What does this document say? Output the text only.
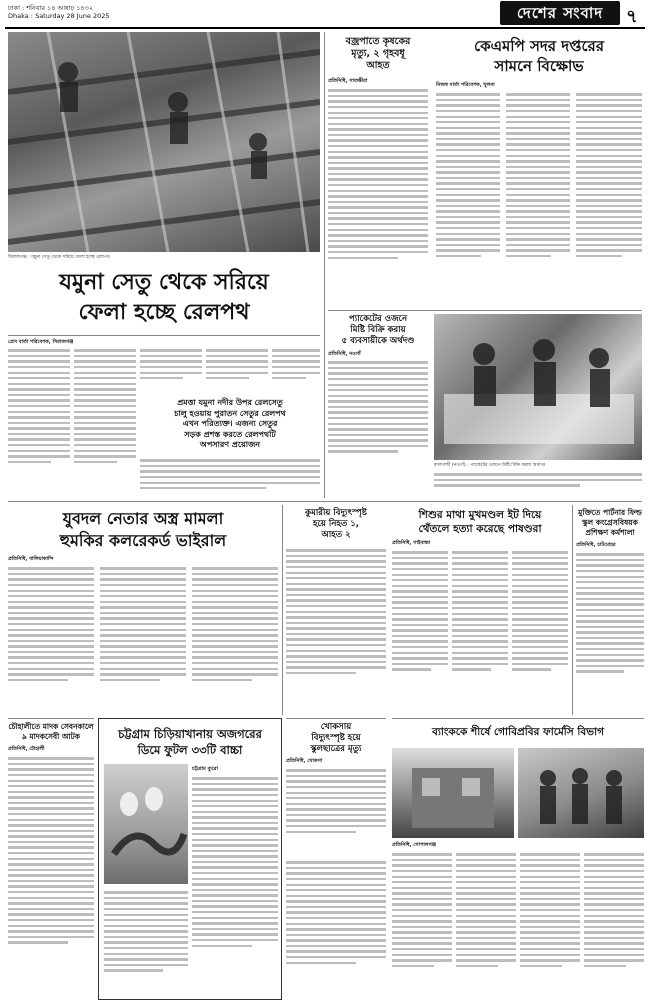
ঢাকা : শনিবার ১৪ আষাঢ় ১৪৩২
Dhaka : Saturday 28 June 2025	দেশের সংবাদ	৭
সিরাজগঞ্জ : যমুনা সেতু থেকে সরিয়ে ফেলা হচ্ছে রেলপথ
যমুনা সেতু থেকে সরিয়ে
ফেলা হচ্ছে রেলপথ
প্রেস বার্তা পরিবেশক, সিরাজগঞ্জ
প্রমত্তা যমুনা নদীর উপর রেলসেতু
চালু হওয়ায় পুরাতন সেতুর রেলপথ
এখন পরিত্যক্ত। এজন্য সেতুর
সড়ক প্রশস্ত করতে রেলপথটি
অপসারণ প্রয়োজন
বজ্রপাতে কৃষকের
মৃত্যু, ২ গৃহবধূ
আহত
প্রতিনিধি, সাতক্ষীরা
কেএমপি সদর দপ্তরের
সামনে বিক্ষোভ
নিজস্ব বার্তা পরিবেশক, খুলনা
প্যাকেটের ওজনে
মিষ্টি বিক্রি করায়
৫ ব্যবসায়ীকে অর্থদণ্ড
প্রতিনিধি, নওগাঁ
বদলগাছী (নওগাঁ) : প্যাকেটের ওজনে মিষ্টি বিক্রি করায় অর্থদণ্ড
যুবদল নেতার অস্ত্র মামলা
হুমকির কলরেকর্ড ভাইরাল
প্রতিনিধি, বালিয়াকান্দি
কুমারীয় বিদ্যুৎস্পৃষ্ট
হয়ে নিহত ১,
আহত ২
শিশুর মাথা মুখমণ্ডল ইট দিয়ে
থেঁতলে হত্যা করেছে পাষণ্ডরা
প্রতিনিধি, গাইবান্ধা
মুক্তিতে পার্টনার ফিল্ড
স্কুল কংগ্রেসবিষয়ক
প্রশিক্ষণ কর্মশালা
প্রতিনিধি, চাটমোহর
খোকসায়
বিদ্যুৎস্পৃষ্ট হয়ে
স্কুলছাত্রের মৃত্যু
প্রতিনিধি, খোকসা
ব্যাংককে শীর্ষে গোবিপ্রবির ফার্মেসি বিভাগ
প্রতিনিধি, গোপালগঞ্জ
চৌহালীতে মাদক সেবনকালে
৯ মাদকসেবী আটক
প্রতিনিধি, চৌহালী
চট্টগ্রাম চিড়িয়াখানায় অজগরের
ডিমে ফুটল ৩৩টি বাচ্চা
চট্টগ্রাম ব্যুরো
